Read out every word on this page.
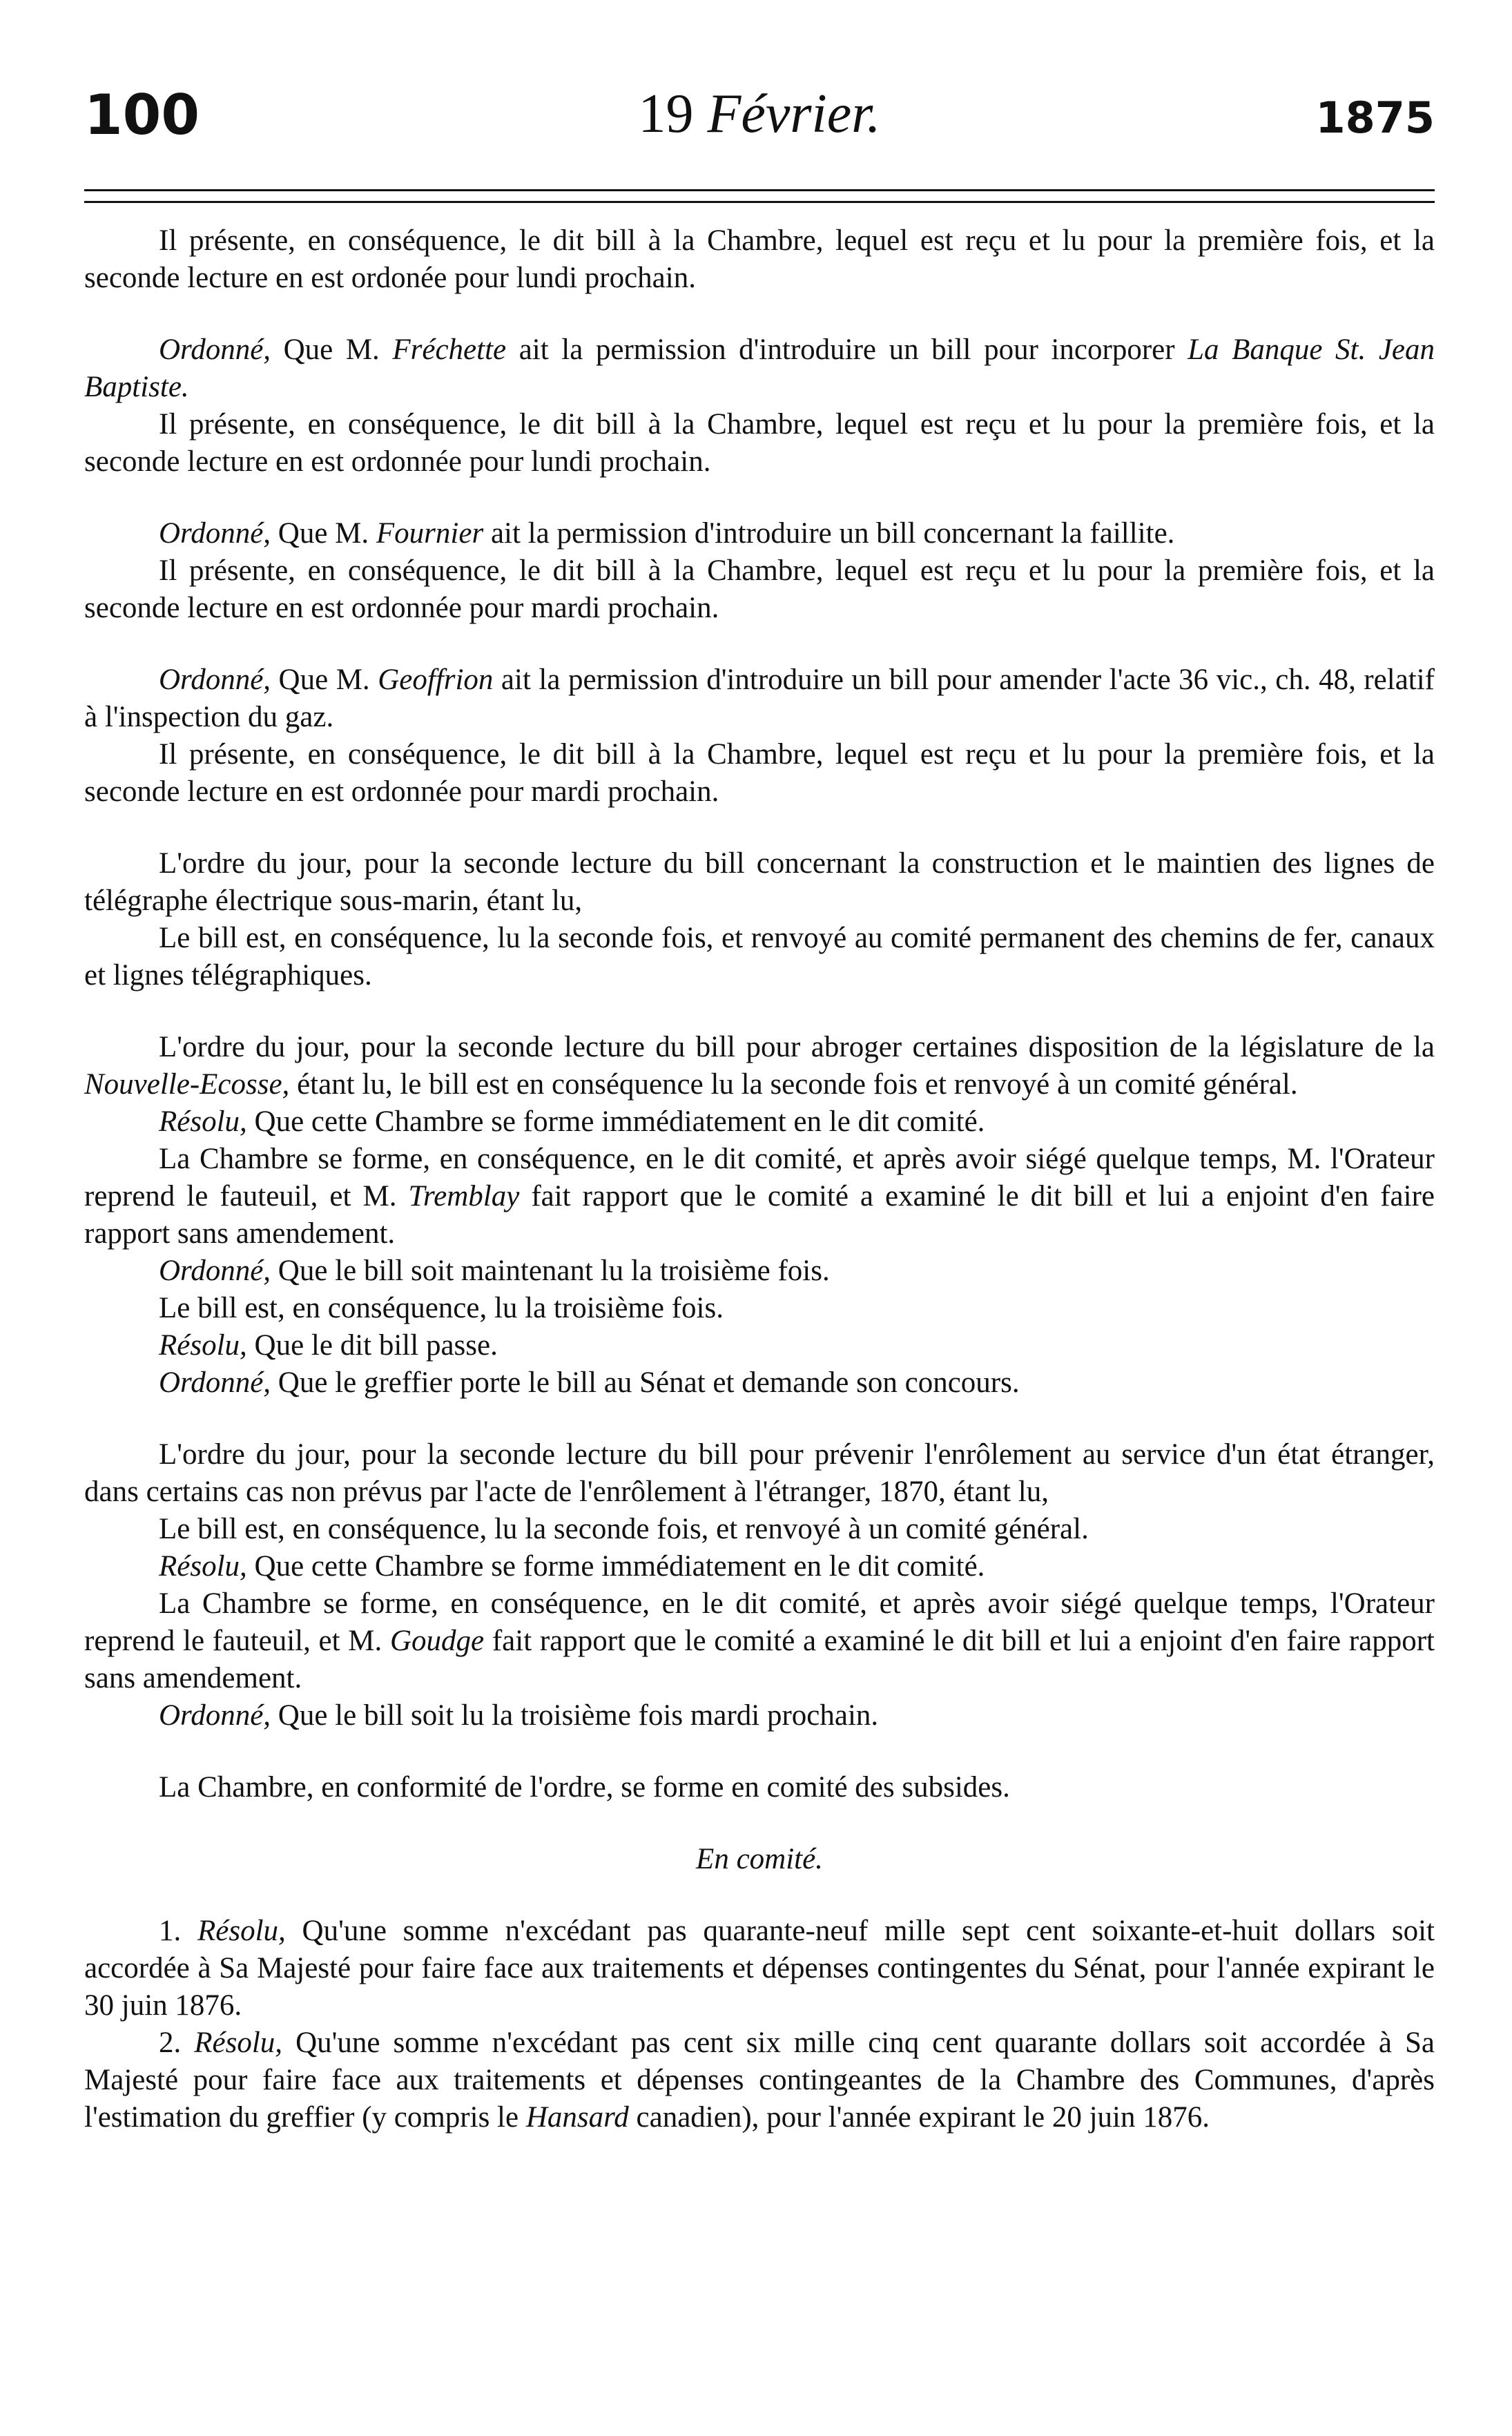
100	19 Février.	1875

Il présente, en conséquence, le dit bill à la Chambre, lequel est reçu et lu pour la première fois, et la seconde lecture en est ordonée pour lundi prochain.

Ordonné, Que M. Fréchette ait la permission d'introduire un bill pour incorporer La Banque St. Jean Baptiste.

Il présente, en conséquence, le dit bill à la Chambre, lequel est reçu et lu pour la première fois, et la seconde lecture en est ordonnée pour lundi prochain.

Ordonné, Que M. Fournier ait la permission d'introduire un bill concernant la faillite.

Il présente, en conséquence, le dit bill à la Chambre, lequel est reçu et lu pour la première fois, et la seconde lecture en est ordonnée pour mardi prochain.

Ordonné, Que M. Geoffrion ait la permission d'introduire un bill pour amender l'acte 36 vic., ch. 48, relatif à l'inspection du gaz.

Il présente, en conséquence, le dit bill à la Chambre, lequel est reçu et lu pour la première fois, et la seconde lecture en est ordonnée pour mardi prochain.

L'ordre du jour, pour la seconde lecture du bill concernant la construction et le maintien des lignes de télégraphe électrique sous-marin, étant lu,

Le bill est, en conséquence, lu la seconde fois, et renvoyé au comité permanent des chemins de fer, canaux et lignes télégraphiques.

L'ordre du jour, pour la seconde lecture du bill pour abroger certaines disposition de la législature de la Nouvelle-Ecosse, étant lu, le bill est en conséquence lu la seconde fois et renvoyé à un comité général.

Résolu, Que cette Chambre se forme immédiatement en le dit comité.

La Chambre se forme, en conséquence, en le dit comité, et après avoir siégé quelque temps, M. l'Orateur reprend le fauteuil, et M. Tremblay fait rapport que le comité a examiné le dit bill et lui a enjoint d'en faire rapport sans amendement.

Ordonné, Que le bill soit maintenant lu la troisième fois.

Le bill est, en conséquence, lu la troisième fois.

Résolu, Que le dit bill passe.

Ordonné, Que le greffier porte le bill au Sénat et demande son concours.

L'ordre du jour, pour la seconde lecture du bill pour prévenir l'enrôlement au service d'un état étranger, dans certains cas non prévus par l'acte de l'enrôlement à l'étranger, 1870, étant lu,

Le bill est, en conséquence, lu la seconde fois, et renvoyé à un comité général.

Résolu, Que cette Chambre se forme immédiatement en le dit comité.

La Chambre se forme, en conséquence, en le dit comité, et après avoir siégé quelque temps, l'Orateur reprend le fauteuil, et M. Goudge fait rapport que le comité a examiné le dit bill et lui a enjoint d'en faire rapport sans amendement.

Ordonné, Que le bill soit lu la troisième fois mardi prochain.

La Chambre, en conformité de l'ordre, se forme en comité des subsides.

En comité.

1. Résolu, Qu'une somme n'excédant pas quarante-neuf mille sept cent soixante-et-huit dollars soit accordée à Sa Majesté pour faire face aux traitements et dépenses contingentes du Sénat, pour l'année expirant le 30 juin 1876.

2. Résolu, Qu'une somme n'excédant pas cent six mille cinq cent quarante dollars soit accordée à Sa Majesté pour faire face aux traitements et dépenses contingeantes de la Chambre des Communes, d'après l'estimation du greffier (y compris le Hansard canadien), pour l'année expirant le 20 juin 1876.
